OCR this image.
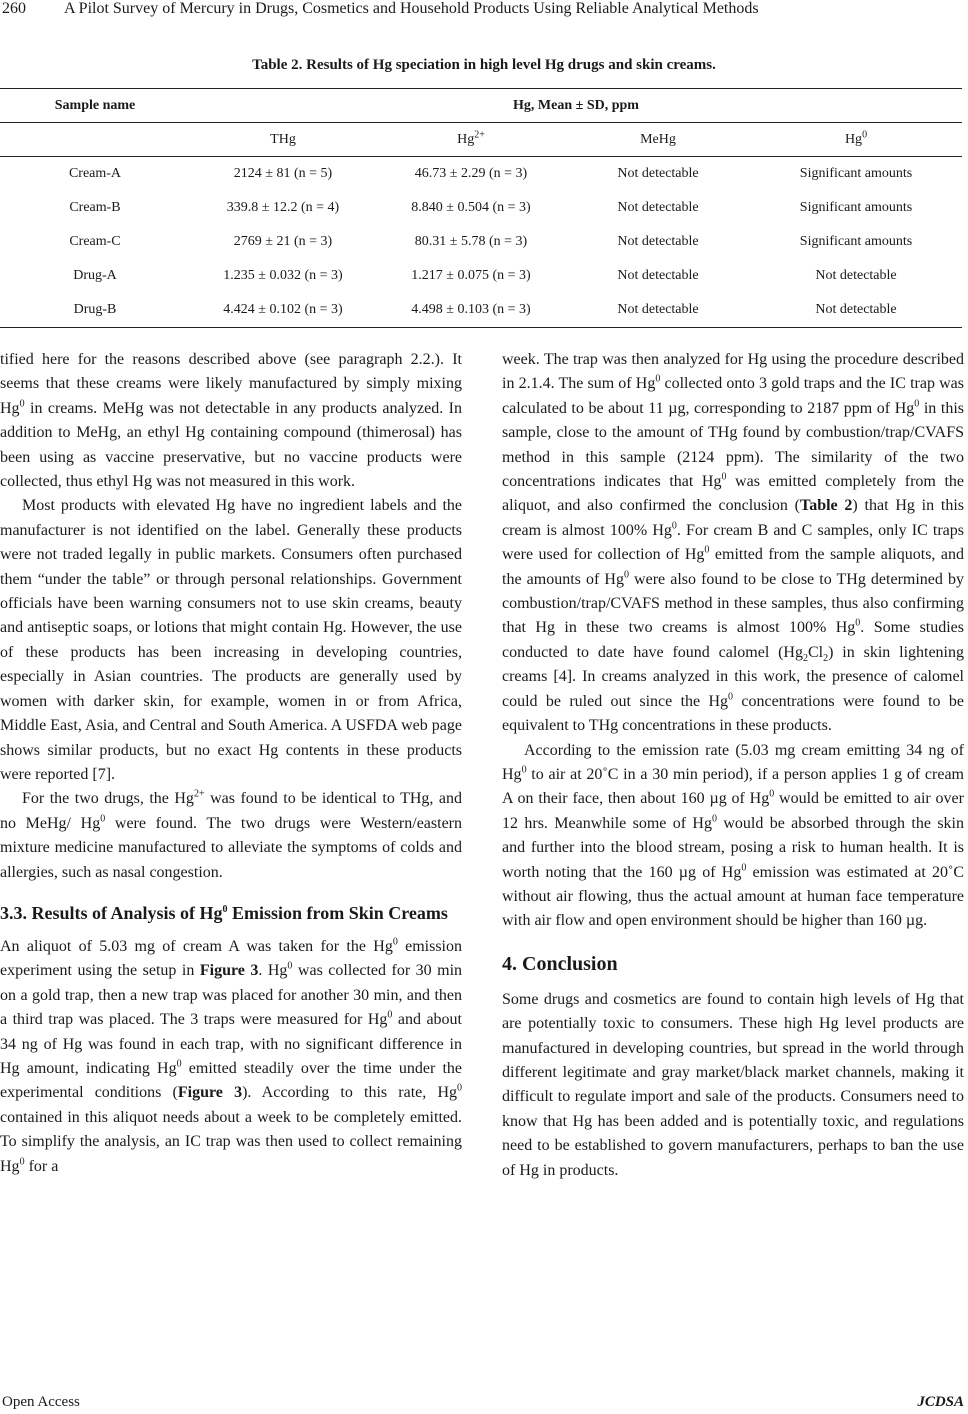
260 A Pilot Survey of Mercury in Drugs, Cosmetics and Household Products Using Reliable Analytical Methods
Table 2. Results of Hg speciation in high level Hg drugs and skin creams.
Sample name	Hg, Mean ± SD, ppm			
	THg	$Hg^{2+}$	MeHg	Hg$^0$
Cream-A	2124 ± 81 (n = 5)	46.73 ± 2.29 (n = 3)	Not detectable	Significant amounts
Cream-B	339.8 ± 12.2 (n = 4)	8.840 ± 0.504 (n = 3)	Not detectable	Significant amounts
Cream-C	2769 ± 21 (n = 3)	80.31 ± 5.78 (n = 3)	Not detectable	Significant amounts
Drug-A	1.235 ± 0.032 (n = 3)	1.217 ± 0.075 (n = 3)	Not detectable	Not detectable
Drug-B	4.424 ± 0.102 (n = 3)	4.498 ± 0.103 (n = 3)	Not detectable	Not detectable

tified here for the reasons described above (see paragraph 2.2.). It seems that these creams were likely manufactured by simply mixing Hg$^0$ in creams. MeHg was not detectable in any products analyzed. In addition to MeHg, an ethyl Hg containing compound (thimerosal) has been using as vaccine preservative, but no vaccine products were collected, thus ethyl Hg was not measured in this work.

Most products with elevated Hg have no ingredient labels and the manufacturer is not identified on the label. Generally these products were not traded legally in public markets. Consumers often purchased them “under the table” or through personal relationships. Government officials have been warning consumers not to use skin creams, beauty and antiseptic soaps, or lotions that might contain Hg. However, the use of these products has been increasing in developing countries, especially in Asian countries. The products are generally used by women with darker skin, for example, women in or from Africa, Middle East, Asia, and Central and South America. A USFDA web page shows similar products, but no exact Hg contents in these products were reported [7].

For the two drugs, the $Hg^{2+}$ was found to be identical to THg, and no MeHg/ Hg$^0$ were found. The two drugs were Western/eastern mixture medicine manufactured to alleviate the symptoms of colds and allergies, such as nasal congestion.

3.3. Results of Analysis of Hg$^0$ Emission from Skin Creams

An aliquot of 5.03 mg of cream A was taken for the Hg$^0$ emission experiment using the setup in Figure 3. Hg$^0$ was collected for 30 min on a gold trap, then a new trap was placed for another 30 min, and then a third trap was placed. The 3 traps were measured for Hg$^0$ and about 34 ng of Hg was found in each trap, with no significant difference in Hg amount, indicating Hg$^0$ emitted steadily over the time under the experimental conditions (Figure 3). According to this rate, Hg$^0$ contained in this aliquot needs about a week to be completely emitted. To simplify the analysis, an IC trap was then used to collect remaining Hg$^0$ for a

week. The trap was then analyzed for Hg using the procedure described in 2.1.4. The sum of Hg$^0$ collected onto 3 gold traps and the IC trap was calculated to be about 11 µg, corresponding to 2187 ppm of Hg$^0$ in this sample, close to the amount of THg found by combustion/trap/CVAFS method in this sample (2124 ppm). The similarity of the two concentrations indicates that Hg$^0$ was emitted completely from the aliquot, and also confirmed the conclusion (Table 2) that Hg in this cream is almost 100% Hg$^0$. For cream B and C samples, only IC traps were used for collection of Hg$^0$ emitted from the sample aliquots, and the amounts of Hg$^0$ were also found to be close to THg determined by combustion/trap/CVAFS method in these samples, thus also confirming that Hg in these two creams is almost 100% Hg$^0$. Some studies conducted to date have found calomel $(Hg_2Cl_2)$ in skin lightening creams [4]. In creams analyzed in this work, the presence of calomel could be ruled out since the Hg$^0$ concentrations were found to be equivalent to THg concentrations in these products.

According to the emission rate (5.03 mg cream emitting 34 ng of Hg$^0$ to air at 20˚C in a 30 min period), if a person applies 1 g of cream A on their face, then about 160 µg of Hg$^0$ would be emitted to air over 12 hrs. Meanwhile some of Hg$^0$ would be absorbed through the skin and further into the blood stream, posing a risk to human health. It is worth noting that the 160 µg of Hg$^0$ emission was estimated at 20˚C without air flowing, thus the actual amount at human face temperature with air flow and open environment should be higher than 160 µg.

4. Conclusion

Some drugs and cosmetics are found to contain high levels of Hg that are potentially toxic to consumers. These high Hg level products are manufactured in developing countries, but spread in the world through different legitimate and gray market/black market channels, making it difficult to regulate import and sale of the products. Consumers need to know that Hg has been added and is potentially toxic, and regulations need to be established to govern manufacturers, perhaps to ban the use of Hg in products.

Open Access	JCDSA
